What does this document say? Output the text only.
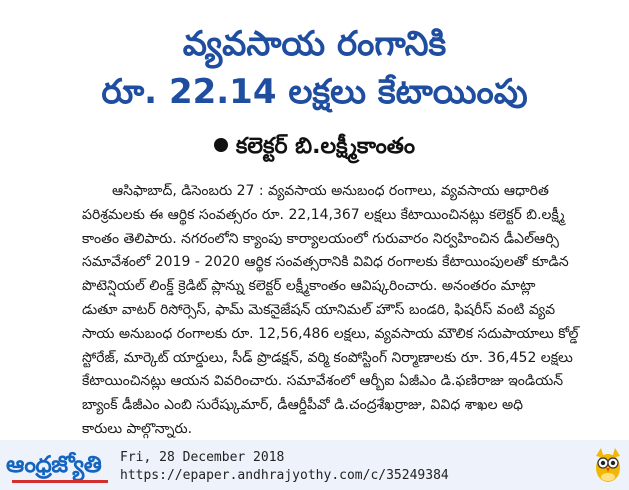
వ్యవసాయ రంగానికి
రూ. 22.14 లక్షలు కేటాయింపు
కలెక్టర్ బి.లక్ష్మీకాంతం
ఆసిఫాబాద్, డిసెంబరు 27 : వ్యవసాయ అనుబంధ రంగాలు, వ్యవసాయ ఆధారిత
పరిశ్రమలకు ఈ ఆర్థిక సంవత్సరం రూ. 22,14,367 లక్షలు కేటాయించినట్లు కలెక్టర్ బి.లక్ష్మీ
కాంతం తెలిపారు. నగరంలోని క్యాంపు కార్యాలయంలో గురువారం నిర్వహించిన డీఎల్ఆర్సి
సమావేశంలో 2019 - 2020 ఆర్థిక సంవత్సరానికి వివిధ రంగాలకు కేటాయింపులతో కూడిన
పొటెన్షియల్ లింక్డ్ క్రెడిట్ ప్లాన్ను కలెక్టర్ లక్ష్మీకాంతం ఆవిష్కరించారు. అనంతరం మాట్లా
డుతూ వాటర్ రిసోర్సెస్, ఫామ్ మెకనైజేషన్ యానిమల్ హౌస్ బండరి, ఫిషరీస్ వంటి వ్యవ
సాయ అనుబంధ రంగాలకు రూ. 12,56,486 లక్షలు, వ్యవసాయ మౌలిక సదుపాయాలు కోల్డ్
స్టోరేజ్, మార్కెట్ యార్డులు, సీడ్ ప్రొడక్షన్, వర్మి కంపోస్టింగ్ నిర్మాణాలకు రూ. 36,452 లక్షలు
కేటాయించినట్లు ఆయన వివరించారు. సమావేశంలో ఆర్బీఐ ఏజీఎం డి.ఫణిరాజు ఇండియన్
బ్యాంక్ డీజీఎం ఎంబి సురేష్కుమార్, డీఆర్డీపీవో డి.చంద్రశేఖర్రాజు, వివిధ శాఖల అధి
కారులు పాల్గొన్నారు.
ఆంధ్రజ్యోతి Fri, 28 December 2018
https://epaper.andhrajyothy.com/c/35249384
